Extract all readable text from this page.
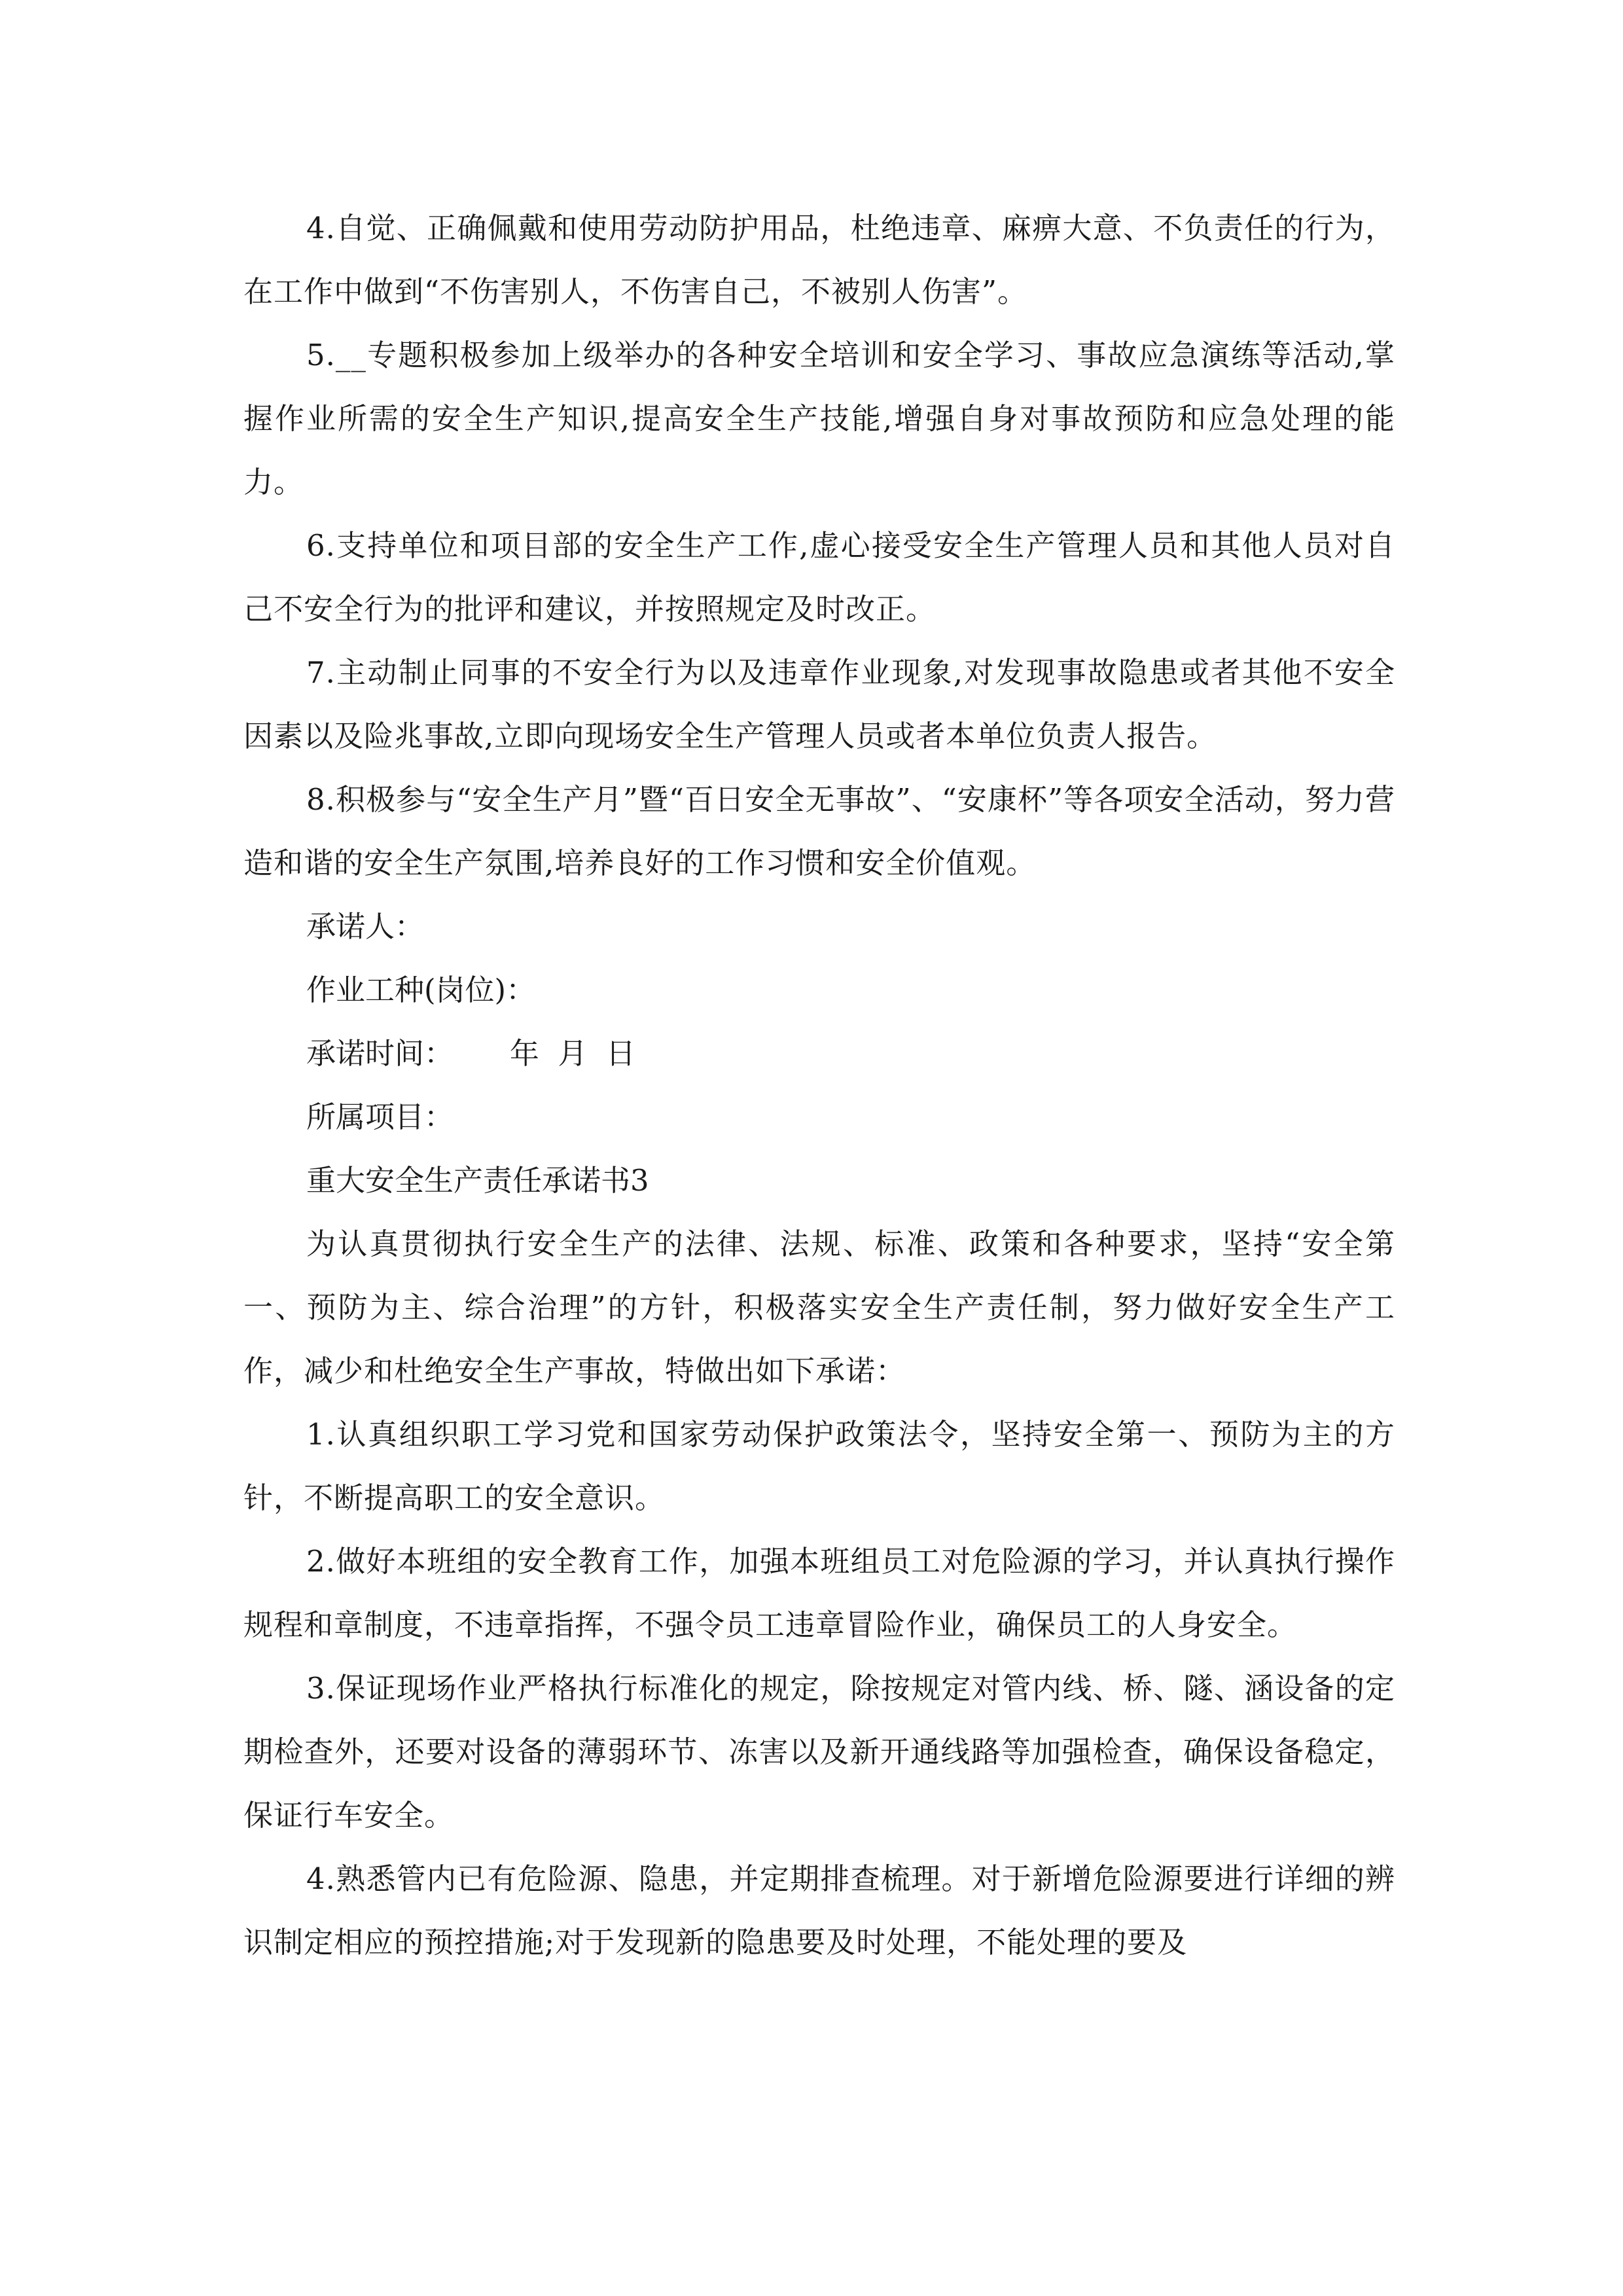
4.自觉、正确佩戴和使用劳动防护用品，杜绝违章、麻痹大意、不负责任的行为，在工作中做到“不伤害别人，不伤害自己，不被别人伤害”。

5.__专题积极参加上级举办的各种安全培训和安全学习、事故应急演练等活动,掌握作业所需的安全生产知识,提高安全生产技能,增强自身对事故预防和应急处理的能力。

6.支持单位和项目部的安全生产工作,虚心接受安全生产管理人员和其他人员对自己不安全行为的批评和建议，并按照规定及时改正。

7.主动制止同事的不安全行为以及违章作业现象,对发现事故隐患或者其他不安全因素以及险兆事故,立即向现场安全生产管理人员或者本单位负责人报告。

8.积极参与“安全生产月”暨“百日安全无事故”、“安康杯”等各项安全活动，努力营造和谐的安全生产氛围,培养良好的工作习惯和安全价值观。

承诺人：

作业工种(岗位)：

承诺时间：      年  月  日

所属项目：

重大安全生产责任承诺书3

为认真贯彻执行安全生产的法律、法规、标准、政策和各种要求，坚持“安全第一、预防为主、综合治理”的方针，积极落实安全生产责任制，努力做好安全生产工作，减少和杜绝安全生产事故，特做出如下承诺：

1.认真组织职工学习党和国家劳动保护政策法令，坚持安全第一、预防为主的方针，不断提高职工的安全意识。

2.做好本班组的安全教育工作，加强本班组员工对危险源的学习，并认真执行操作规程和章制度，不违章指挥，不强令员工违章冒险作业，确保员工的人身安全。

3.保证现场作业严格执行标准化的规定，除按规定对管内线、桥、隧、涵设备的定期检查外，还要对设备的薄弱环节、冻害以及新开通线路等加强检查，确保设备稳定，保证行车安全。

4.熟悉管内已有危险源、隐患，并定期排查梳理。对于新增危险源要进行详细的辨识制定相应的预控措施;对于发现新的隐患要及时处理，不能处理的要及
